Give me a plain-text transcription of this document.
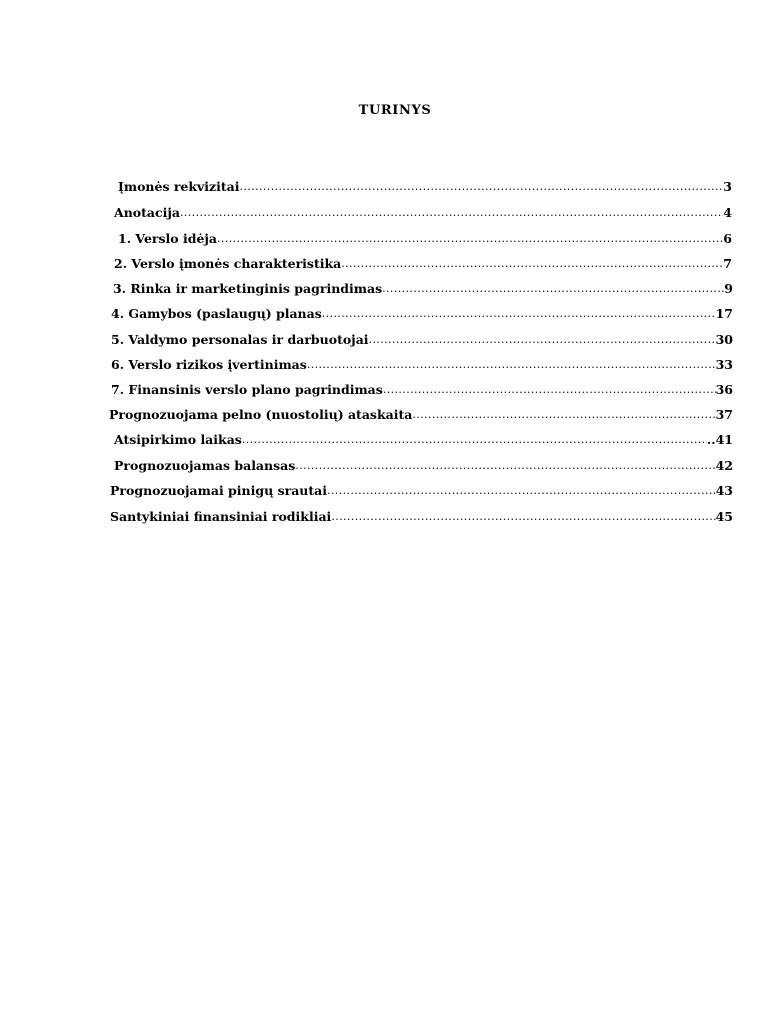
TURINYS
Įmonės rekvizitai .....	3
Anotacija .....	4
1. Verslo idėja .....	6
2. Verslo įmonės charakteristika .....	7
3. Rinka ir marketinginis pagrindimas .....	9
4. Gamybos (paslaugų) planas .....	17
5. Valdymo personalas ir darbuotojai .....	30
6. Verslo rizikos įvertinimas .....	33
7. Finansinis verslo plano pagrindimas .....	36
Prognozuojama pelno (nuostolių) ataskaita .....	37
Atsipirkimo laikas .....	..41
Prognozuojamas balansas .....	42
Prognozuojamai pinigų srautai .....	43
Santykiniai finansiniai rodikliai .....	45
